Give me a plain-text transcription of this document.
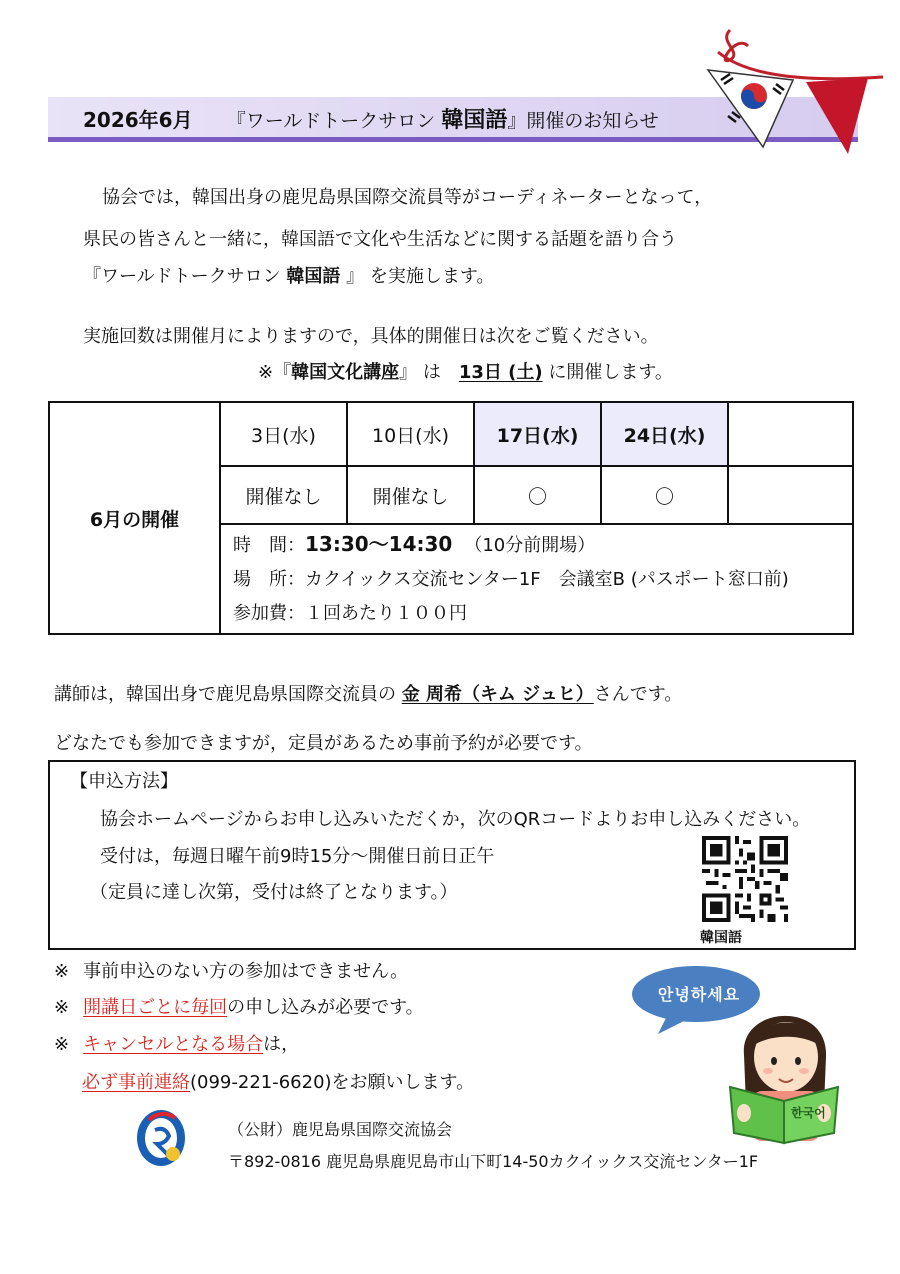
2026年6月 『ワールドトークサロン 韓国語』開催のお知らせ
協会では，韓国出身の鹿児島県国際交流員等がコーディネーターとなって，
県民の皆さんと一緒に，韓国語で文化や生活などに関する話題を語り合う
『ワールドトークサロン 韓国語 』 を実施します。
実施回数は開催月によりますので，具体的開催日は次をご覧ください。
※『韓国文化講座』 は　13日 (土) に開催します。
6月の開催	3日(水)	10日(水)	17日(水)	24日(水)	
	開催なし	開催なし	〇	〇	

	時　間：13:30～14:30 （10分前開場）
場　所：カクイックス交流センター1F　会議室B (パスポート窓口前)
参加費：１回あたり１００円				
講師は，韓国出身で鹿児島県国際交流員の 金 周希（キム ジュヒ）さんです。
どなたでも参加できますが，定員があるため事前予約が必要です。
【申込方法】
協会ホームページからお申し込みいただくか，次のQRコードよりお申し込みください。
受付は，毎週日曜午前9時15分～開催日前日正午
（定員に達し次第，受付は終了となります。）
韓国語
※ 事前申込のない方の参加はできません。
※ 開講日ごとに毎回の申し込みが必要です。
※ キャンセルとなる場合は，
必ず事前連絡(099-221-6620)をお願いします。
안녕하세요
한국어
（公財）鹿児島県国際交流協会
〒892-0816 鹿児島県鹿児島市山下町14-50カクイックス交流センター1F
